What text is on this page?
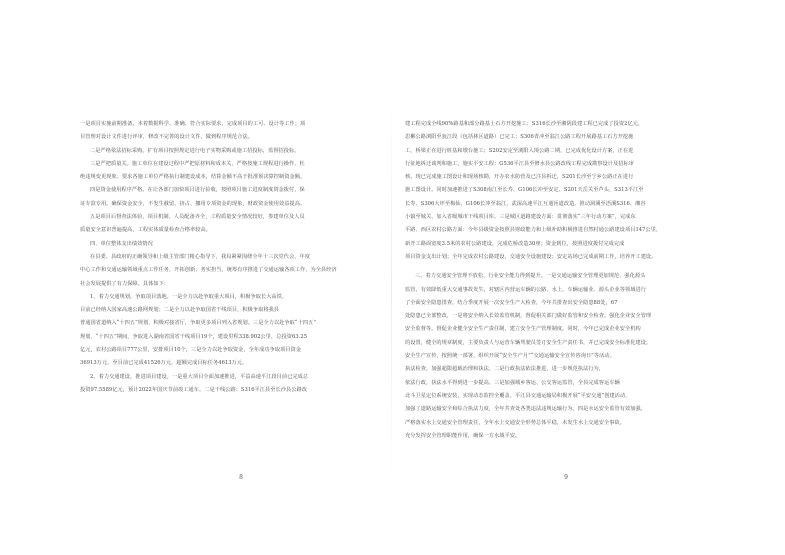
一是项目实施前期准备。本着数据科学、准确、符合实际要求，完成项目的工可、设计等工作；项
目管理对设计文件进行评审，修改不完善的设计文件，做到程序规范合法。
二是严格依法招标采购。扩有项目按照规定进行电子实物采购或施工招投标，监督招投标。
三是严把质量关。施工单位在建设过程中严把原材料和成本关，严格按施工规程进行操作，杜
绝违规变更现象。要求各施工单位严格执行制建设成本，结算金额不高于批准预决算控制资金额。
四是资金使用程序严格。在让各部门加快项目进行验收，按照项目施工进度制度资金拨付，保
证专款专用。确保资金安全，不发生截留、挤占、挪用专项资金的现象，财政资金使用效益提高。
五是项目后督查法体验，项目机制、人员配备齐全，工程质量安全情况较好，参建单位及人员
质量安全意识普遍提高，工程实体质量检查合格率较高。
四、单位整体支出绩效情况
在县委、县政府的正确领导和上级主管部门精心指导下，我局紧紧围绕全年十三次党代会、年度
中心工作和交通运输领域重点工作任务，开拓创新、务实担当，统筹有序推进了交通运输各项工作，为全县经济
社会发展提供了有力保障。具体如下：
1、着力交通规划，争取项目落地。一是全力以赴争取重大项目，积极争取长大高铁、
目前已经纳入国家高速公路网规划；二是全力以赴争取国省干线项目，积极争取将我县
普通国省道纳入“十四五”规划，积极对接省厅，争取更多项目列入省规划。三是全力以赴争取“十四五”
规划，“十四五”期间，争取进入湖南省国省干线项目19个，建设里程338.902公里，总投资63.25
亿元，农村公路项目777公里，安排项目10个，三是全力以赴争取资金，全年成功争取项目资金
36913万元，至目前已完成41526万元，超额完成目标任务4613万元。
2、着力交通建设，推进项目建设。一是重大项目全面加速推进，平益高速平江段目前已完成总
投资97.5589亿元，预计2022年国庆节前竣工通车。二是干线公路：S316平江县至长沙县公路改
8
建工程完成全线90%路基和部分路基土石方开挖施工；S316长沙至湘阴段建工程已完成了投资2亿元，
思郴公路浏阳至瓮江段（包括林区道路）已完工；S306青冲至翁江公路工程开展路基工石方开挖施
工，桥梁正在进行桩基和墩台施工；S202安定至浏阳入境公路二期，已完成优化设计方案，正在进
行征地拆迁谈判和施工，施实平安工程：G536平江县至修水县公路改线工程完成勘察设计及招标审
核，现已完成施工图设计和现场核勘，开办农水防营及已注县拆迁，S201长沙至宁乡公路正在进行
施工图设计。同时加速推进了S308南江至长寿、G106长冲至安定、S201天岳关至芦头、S313平江至
长寿、S306大坪至梅仙、G106长冲至翁江，武深高速平江互通匝道改造。推动洞溪至浯溪S316、湘谷
小镇至城关、加入省级城市干线项目库。三是城区道路建设方面：贯彻落实“三年行动方案”，完成东
平路、西区农村公路方面：今年县级资金按照县财政能力和上级补助积极推进自然村通公路建设项目147公里，
新开工路面宽度3.5米的农村公路建设，完成危桥改造30座；资金到位，按照进度拨付完成完成
项目资金支出计划；全年完成农村公路建设，交通安全设施建设；安定站场已完成前期工作，培养开工建设。
三、着力交通安全管理不放松，行业安全能力得到提升。一是交通运输安全管理更加规范、强化源头
监管，有效降低重大交通事故发生，对辖区内营运车辆的公路、水上，车辆运输业、源头企业等领域进行
了全面安全隐患排查，结合季度开展一次安全生产大检查，今年共排查出安全隐患88处，67
处隐患已全部整改，一是将安全纳入长效监管机制，督促相关部门做好监管和安全检查。强化企业安全管理
安全监督等。督促企业健全安全生产责任制，建立安全生产管理制度。同时，今年已完成企业安全机构
的设置，健全的规章制度，主要负责人与运营车辆驾驶员签订安全生产责任书，并已完成安全标准化建设。
安全生产宣传，按照统一部署，组织开展“安全生产月”“交通运输安全宣传咨询日”等活动。
执法检查，加强超限超载治理和执法。二是行政执法依法推进，进一步规范执法行为，
依法行政，执法水平得到进一步提高。三是加强城乡客运、公交客运监管，全县完成客运车辆
北斗卫星定位系统安装，实现动态监控全覆盖。平江县交通运输局积极开展“平安交通”创建活动，
加强了道路运输安全和综合执法力度，全年共查处各类违法违规运输行为。四是水运安全监管有效加强，
严格落实水上交通安全管理责任，全年水上交通安全形势总体平稳，未发生水上交通安全事故。
充分发挥安全管理职能作用，确保一方水域平安。
9
